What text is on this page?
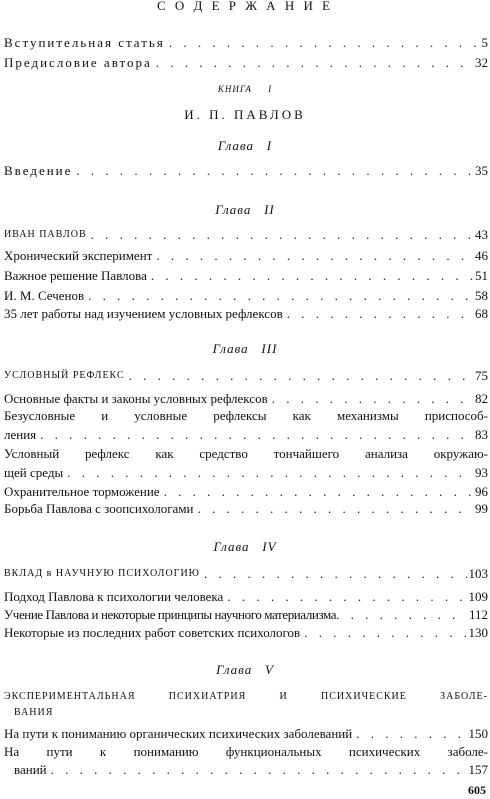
С О Д Е Р Ж А Н И Е
Вступительная статья . . .	5
Предисловие автора . . .	32
КНИГА     I
И. П. ПАВЛОВ
Глава   I
Введение . . .	35
Глава   II
ИВАН ПАВЛОВ . . .	43
Хронический эксперимент . . .	46
Важное решение Павлова . . .	51
И. М. Сеченов . . .	58
35 лет работы над изучением условных рефлексов . . .	68
Глава   III
УСЛОВНЫЙ РЕФЛЕКС . . .	75
Основные факты и законы условных рефлексов . . .	82
Безусловные и условные рефлексы как механизмы приспособ-
ления . . .	83
Условный рефлекс как средство тончайшего анализа окружаю-
щей среды . . .	93
Охранительное торможение . . .	96
Борьба Павлова с зоопсихологами . . .	99
Глава   IV
ВКЛАД в НАУЧНУЮ ПСИХОЛОГИЮ . . .	103
Подход Павлова к психологии человека . . .	109
Учение Павлова и некоторые принципы научного материализма . . .	112
Некоторые из последних работ советских психологов . . .	130
Глава   V
ЭКСПЕРИМЕНТАЛЬНАЯ ПСИХИАТРИЯ И ПСИХИЧЕСКИЕ ЗАБОЛЕ-
ВАНИЯ
На пути к пониманию органических психических заболеваний . . .	150
На пути к пониманию функциональных психических заболе-
ваний . . .	157
605
